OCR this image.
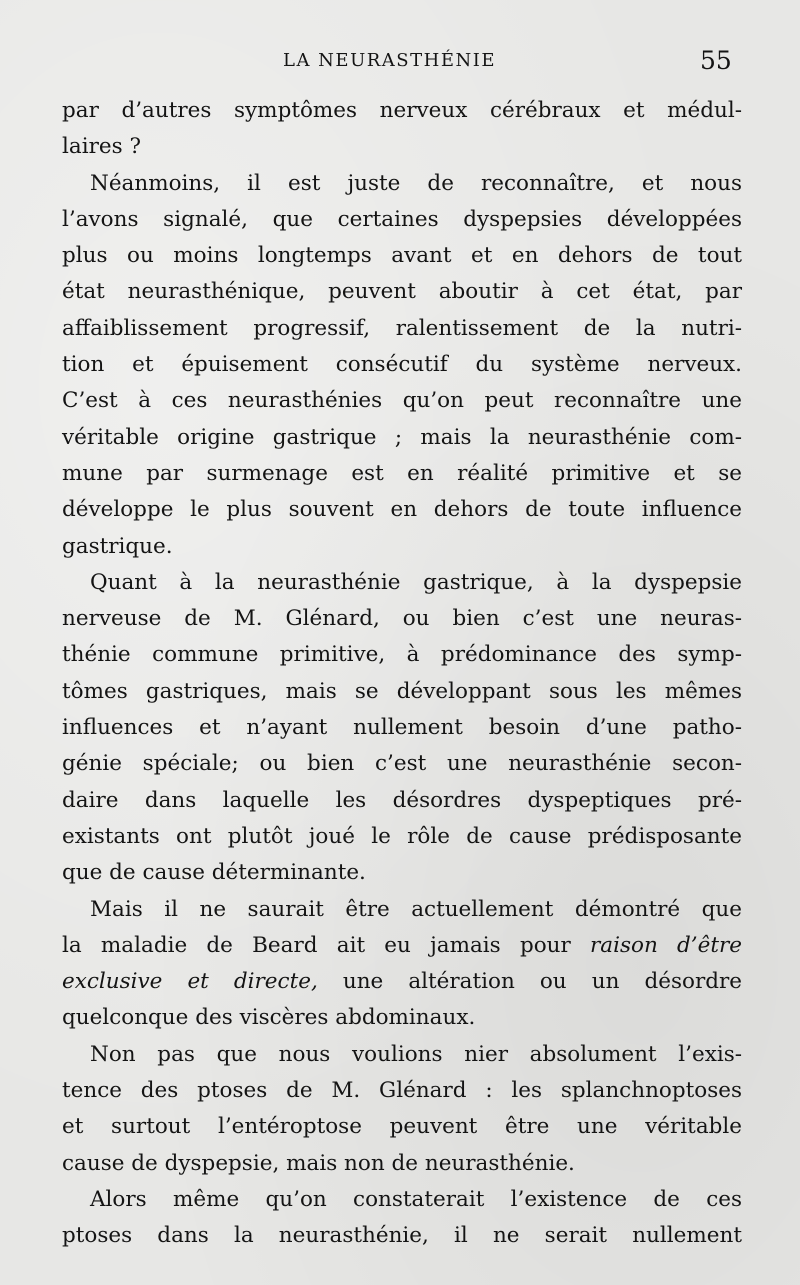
LA NEURASTHÉNIE	55
par d’autres symptômes nerveux cérébraux et médul-
laires ?
Néanmoins, il est juste de reconnaître, et nous
l’avons signalé, que certaines dyspepsies développées
plus ou moins longtemps avant et en dehors de tout
état neurasthénique, peuvent aboutir à cet état, par
affaiblissement progressif, ralentissement de la nutri-
tion et épuisement consécutif du système nerveux.
C’est à ces neurasthénies qu’on peut reconnaître une
véritable origine gastrique ; mais la neurasthénie com-
mune par surmenage est en réalité primitive et se
développe le plus souvent en dehors de toute influence
gastrique.
Quant à la neurasthénie gastrique, à la dyspepsie
nerveuse de M. Glénard, ou bien c’est une neuras-
thénie commune primitive, à prédominance des symp-
tômes gastriques, mais se développant sous les mêmes
influences et n’ayant nullement besoin d’une patho-
génie spéciale; ou bien c’est une neurasthénie secon-
daire dans laquelle les désordres dyspeptiques pré-
existants ont plutôt joué le rôle de cause prédisposante
que de cause déterminante.
Mais il ne saurait être actuellement démontré que
la maladie de Beard ait eu jamais pour raison d’être
exclusive et directe, une altération ou un désordre
quelconque des viscères abdominaux.
Non pas que nous voulions nier absolument l’exis-
tence des ptoses de M. Glénard : les splanchnoptoses
et surtout l’entéroptose peuvent être une véritable
cause de dyspepsie, mais non de neurasthénie.
Alors même qu’on constaterait l’existence de ces
ptoses dans la neurasthénie, il ne serait nullement
